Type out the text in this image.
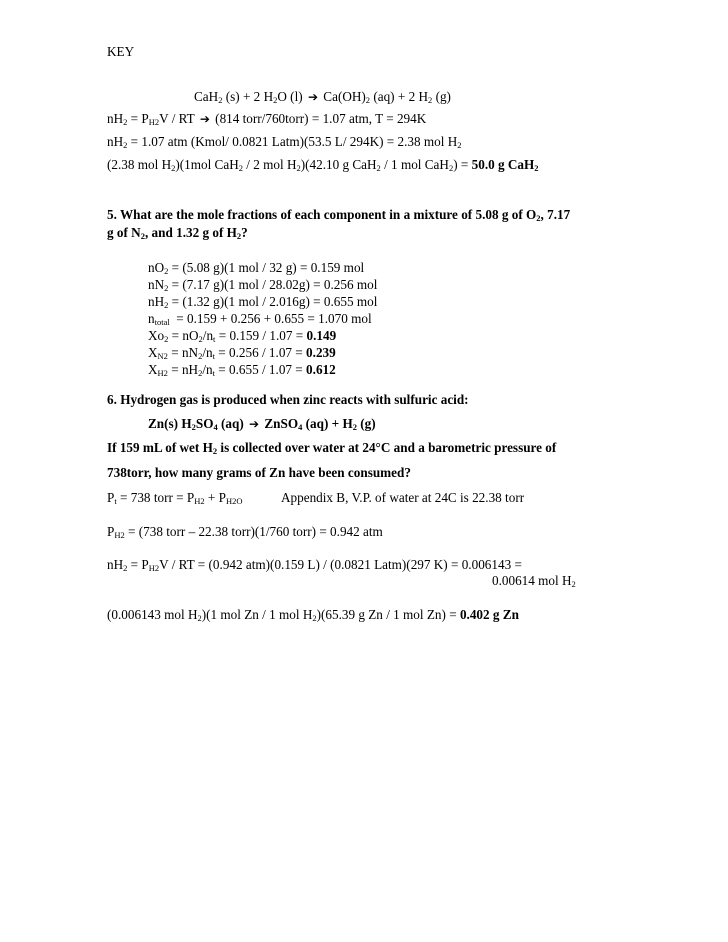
KEY
CaH$_2$ (s) + 2 $H_2O$ (l) ➔ $Ca(OH)_2$ (aq) + 2 $H_2$ (g)
$nH_2 = P_{H2}V$ / RT ➔ (814 torr/760torr) = 1.07 atm, T = 294K
$nH_2 = 1.07$ atm (Kmol/ 0.0821 Latm)(53.5 L/ 294K) = 2.38 mol $H_2$
(2.38 mol $H_2)(1mol$ CaH$_2$ / 2 mol $H_2)(42.10$ g CaH$_2$ / 1 mol CaH$_2$) = 50.0 g CaH$_2$
5. What are the mole fractions of each component in a mixture of 5.08 g of $O_2$, 7.17
g of $N_2$, and 1.32 g of $H_2$?
$nO_2 = (5.08$ g)(1 mol / 32 g) = 0.159 mol
$nN_2 = (7.17$ g)(1 mol / 28.02g) = 0.256 mol
$nH_2 = (1.32$ g)(1 mol / 2.016g) = 0.655 mol
$n_{total} = 0.159 + 0.256 + 0.655 = 1.070$ mol
$Xo_2 = nO_2/n_t = 0.159 / 1.07 = 0.149$
$X_{N2} = nN_2/n_t = 0.256 / 1.07 = 0.239$
$X_{H2} = nH_2/n_t = 0.655 / 1.07 = 0.612$
6. Hydrogen gas is produced when zinc reacts with sulfuric acid:
Zn(s) $H_2SO_4$ (aq) ➔ ZnSO$_4$ $(aq) + H_2$ (g)
If 159 mL of wet $H_2$ is collected over water at 24°C and a barometric pressure of
738torr, how many grams of Zn have been consumed?
$P_t = 738$ torr = $P_{H2} + P_{H2O}$	Appendix B, V.P. of water at 24C is 22.38 torr
$P_{H2} = (738$ torr – 22.38 torr)(1/760 torr) = 0.942 atm
$nH_2 = P_{H2}V$ / RT = (0.942 atm)(0.159 L) / (0.0821 Latm)(297 K) = 0.006143 =
0.00614 mol $H_2$
(0.006143 mol $H_2)(1$ mol Zn / 1 mol $H_2)(65.39$ g Zn / 1 mol Zn) = 0.402 g Zn
